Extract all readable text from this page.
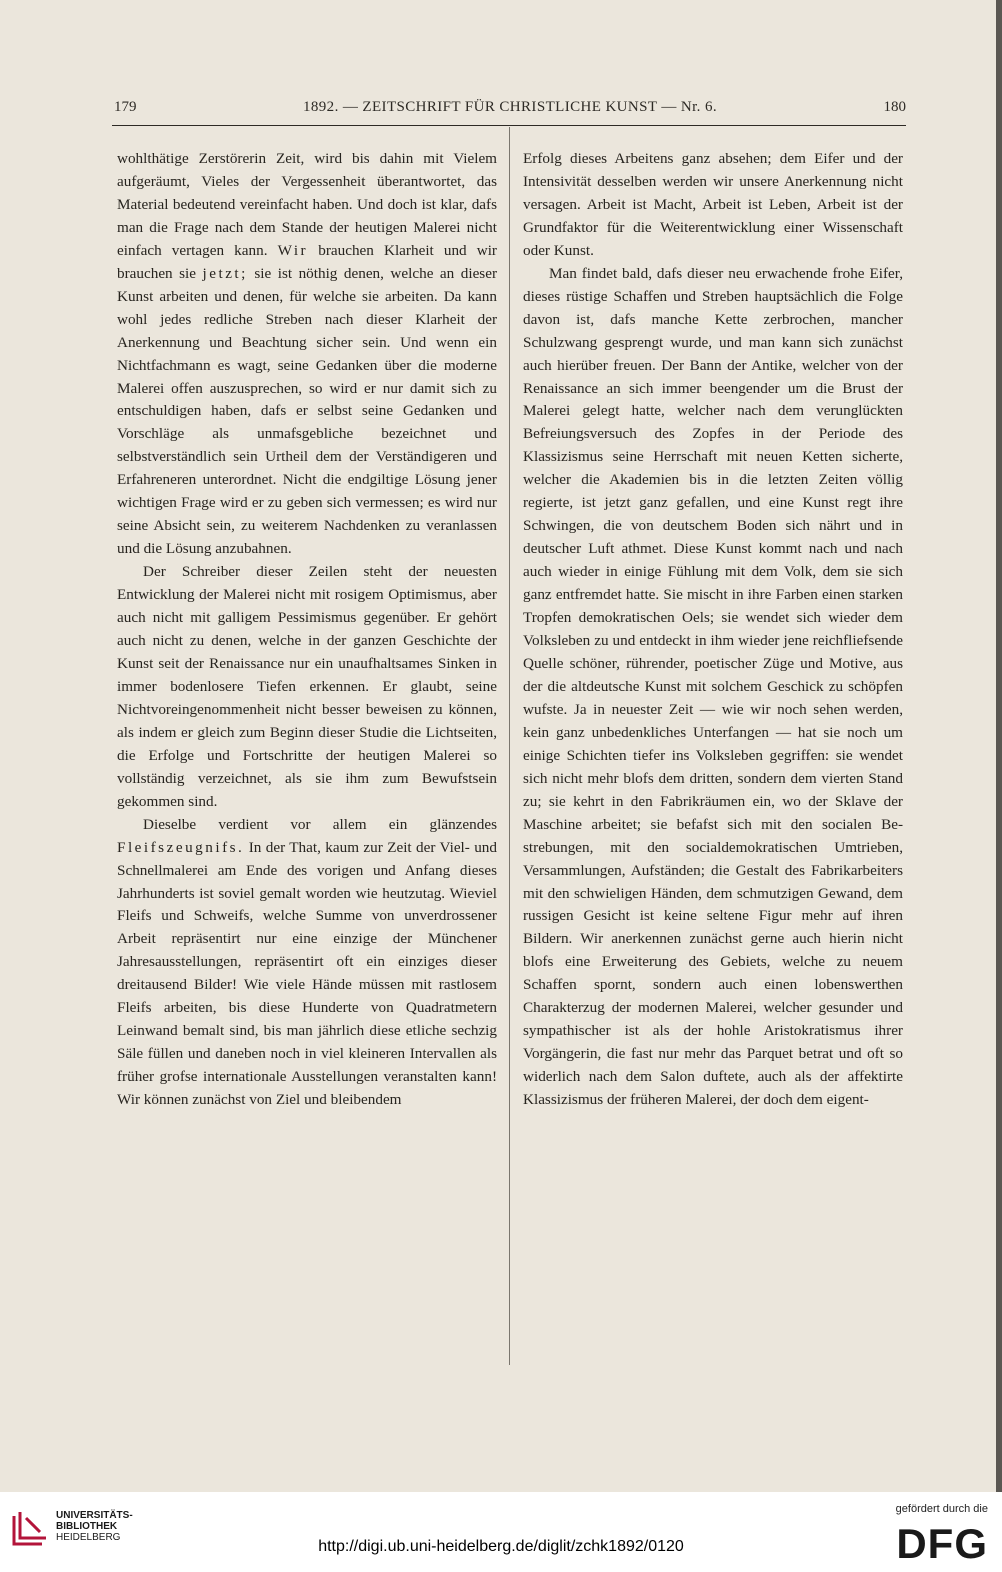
179	1892. — ZEITSCHRIFT FÜR CHRISTLICHE KUNST — Nr. 6.	180

wohlthätige Zerstörerin Zeit, wird bis dahin mit Vielem aufgeräumt, Vieles der Vergessenheit überantwortet, das Material bedeutend vereinfacht haben. Und doch ist klar, dafs man die Frage nach dem Stande der heutigen Malerei nicht einfach vertagen kann. Wir brauchen Klarheit und wir brauchen sie jetzt; sie ist nöthig denen, welche an dieser Kunst arbeiten und denen, für welche sie arbeiten. Da kann wohl jedes redliche Streben nach dieser Klarheit der Anerkennung und Beachtung sicher sein. Und wenn ein Nichtfachmann es wagt, seine Gedanken über die moderne Malerei offen auszusprechen, so wird er nur damit sich zu entschuldigen haben, dafs er selbst seine Gedanken und Vorschläge als unmafsgebliche bezeichnet und selbstverständlich sein Urtheil dem der Verständigeren und Erfahreneren unterordnet. Nicht die endgiltige Lösung jener wichtigen Frage wird er zu geben sich vermessen; es wird nur seine Absicht sein, zu weiterem Nachdenken zu veranlassen und die Lösung anzubahnen.

Der Schreiber dieser Zeilen steht der neuesten Entwicklung der Malerei nicht mit rosigem Optimismus, aber auch nicht mit galligem Pessimismus gegenüber. Er gehört auch nicht zu denen, welche in der ganzen Geschichte der Kunst seit der Renaissance nur ein unaufhaltsames Sinken in immer bodenlosere Tiefen erkennen. Er glaubt, seine Nichtvoreingenommenheit nicht besser beweisen zu können, als indem er gleich zum Beginn dieser Studie die Lichtseiten, die Erfolge und Fortschritte der heutigen Malerei so vollständig verzeichnet, als sie ihm zum Bewufstsein gekommen sind.

Dieselbe verdient vor allem ein glänzendes Fleifszeugnifs. In der That, kaum zur Zeit der Viel- und Schnellmalerei am Ende des vorigen und Anfang dieses Jahrhunderts ist soviel gemalt worden wie heutzutag. Wieviel Fleifs und Schweifs, welche Summe von unverdrossener Arbeit repräsentirt nur eine einzige der Münchener Jahresausstellungen, repräsentirt oft ein einziges dieser dreitausend Bilder! Wie viele Hände müssen mit rastlosem Fleifs arbeiten, bis diese Hunderte von Quadratmetern Leinwand bemalt sind, bis man jährlich diese etliche sechzig Säle füllen und daneben noch in viel kleineren Intervallen als früher grofse internationale Ausstellungen veranstalten kann! Wir können zunächst von Ziel und bleibendem

Erfolg dieses Arbeitens ganz absehen; dem Eifer und der Intensivität desselben werden wir unsere Anerkennung nicht versagen. Arbeit ist Macht, Arbeit ist Leben, Arbeit ist der Grundfaktor für die Weiterentwicklung einer Wissenschaft oder Kunst.

Man findet bald, dafs dieser neu erwachende frohe Eifer, dieses rüstige Schaffen und Streben hauptsächlich die Folge davon ist, dafs manche Kette zerbrochen, mancher Schulzwang gesprengt wurde, und man kann sich zunächst auch hierüber freuen. Der Bann der Antike, welcher von der Renaissance an sich immer beengender um die Brust der Malerei gelegt hatte, welcher nach dem verunglückten Befreiungsversuch des Zopfes in der Periode des Klassizismus seine Herrschaft mit neuen Ketten sicherte, welcher die Akademien bis in die letzten Zeiten völlig regierte, ist jetzt ganz gefallen, und eine Kunst regt ihre Schwingen, die von deutschem Boden sich nährt und in deutscher Luft athmet. Diese Kunst kommt nach und nach auch wieder in einige Fühlung mit dem Volk, dem sie sich ganz entfremdet hatte. Sie mischt in ihre Farben einen starken Tropfen demokratischen Oels; sie wendet sich wieder dem Volksleben zu und entdeckt in ihm wieder jene reichfliefsende Quelle schöner, rührender, poetischer Züge und Motive, aus der die altdeutsche Kunst mit solchem Geschick zu schöpfen wufste. Ja in neuester Zeit — wie wir noch sehen werden, kein ganz unbedenkliches Unterfangen — hat sie noch um einige Schichten tiefer ins Volksleben gegriffen: sie wendet sich nicht mehr blofs dem dritten, sondern dem vierten Stand zu; sie kehrt in den Fabrikräumen ein, wo der Sklave der Maschine arbeitet; sie befafst sich mit den socialen Bestrebungen, mit den socialdemokratischen Umtrieben, Versammlungen, Aufständen; die Gestalt des Fabrikarbeiters mit den schwieligen Händen, dem schmutzigen Gewand, dem russigen Gesicht ist keine seltene Figur mehr auf ihren Bildern. Wir anerkennen zunächst gerne auch hierin nicht blofs eine Erweiterung des Gebiets, welche zu neuem Schaffen spornt, sondern auch einen lobenswerthen Charakterzug der modernen Malerei, welcher gesunder und sympathischer ist als der hohle Aristokratismus ihrer Vorgängerin, die fast nur mehr das Parquet betrat und oft so widerlich nach dem Salon duftete, auch als der affektirte Klassizismus der früheren Malerei, der doch dem eigent-

UNIVERSITÄTS-
BIBLIOTHEK
HEIDELBERG
http://digi.ub.uni-heidelberg.de/diglit/zchk1892/0120
gefördert durch die
DFG
